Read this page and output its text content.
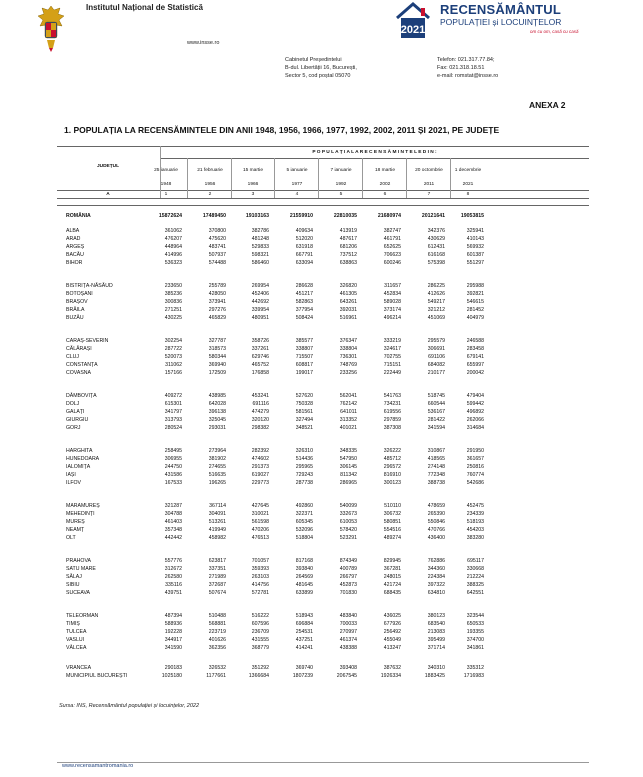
Institutul Național de Statistică
www.insse.ro
2021
RECENSĂMÂNTUL
POPULAȚIEI și LOCUINȚELOR
om cu om, casă cu casă
Cabinetul Președintelui
B-dul. Libertății 16, București,
Sector 5, cod poștal 05070
Telefon: 021.317.77.84;
Fax: 021.318.18.51
e-mail: romstat@insse.ro
ANEXA 2
1. POPULAȚIA LA RECENSĂMINTELE DIN ANII 1948, 1956, 1966, 1977, 1992, 2002, 2011 ȘI 2021, PE JUDEȚE
JUDEȚUL
P O P U L A Ț I A L A R E C E N S Ă M I N T E L E D I N :
25 ianuarie
1948
1
21 februarie
1956
2
15 martie
1966
3
5 ianuarie
1977
4
7 ianuarie
1992
5
18 martie
2002
6
20 octombrie
2011
7
1 decembrie
2021
8
A
ROMÂNIA	15872624	17489450	19103163	21559910	22810035	21680974	20121641	19053815
ALBA	361062	370800	382786	409634	413919	382747	342376	325941
ARAD	476207	475620	481248	512020	487617	461791	430629	410143
ARGEȘ	448964	483741	529833	631918	681206	652625	612431	569932
BACĂU	414996	507937	598321	667791	737512	706623	616168	601387
BIHOR	536323	574488	586460	633094	638863	600246	575398	551297
BISTRIȚA-NĂSĂUD	233650	255789	269954	286628	326820	311657	286225	295988
BOTOȘANI	385236	428050	452406	451217	461305	452834	412626	392821
BRAȘOV	300836	373941	442692	582863	643261	589028	549217	546615
BRĂILA	271251	297276	339954	377954	392031	373174	321212	281452
BUZĂU	430225	465829	480951	508424	516961	496214	451069	404979
CARAȘ-SEVERIN	302254	327787	358726	385577	376347	333219	295579	246588
CĂLĂRAȘI	287722	318573	337261	338807	338804	324617	306691	283458
CLUJ	520073	580344	629746	715507	736301	702755	691106	679141
CONSTANȚA	311062	369940	465752	608817	748769	715151	684082	655997
COVASNA	157166	172509	176858	199017	233256	222449	210177	200042
DÂMBOVIȚA	409272	438985	453241	527620	562041	541763	518745	479404
DOLJ	615301	642028	691116	750328	762142	734231	660544	599442
GALAȚI	341797	396138	474279	581561	641011	619556	536167	496892
GIURGIU	313793	325045	320120	327494	313352	297859	281422	262066
GORJ	280524	293031	298382	348521	401021	387308	341594	314684
HARGHITA	258495	273964	282392	326310	348335	326222	310867	291950
HUNEDOARA	306955	381902	474602	514436	547950	485712	418565	361657
IALOMIȚA	244750	274655	291373	295965	306145	296572	274148	250816
IAȘI	431586	516635	619027	729243	811342	816910	772348	760774
ILFOV	167533	196265	229773	287738	286965	300123	388738	542686
MARAMUREȘ	321287	367114	427645	492860	540099	510110	478659	452475
MEHEDINȚI	304788	304091	310021	322371	332673	306732	265390	234339
MUREȘ	461403	513261	561598	605345	610053	580851	550846	518193
NEAMȚ	357348	419949	470206	532096	578420	554516	470766	454203
OLT	442442	458982	476513	518804	523291	489274	436400	383280
PRAHOVA	557776	623817	701057	817168	874349	829945	762886	695117
SATU MARE	312672	337351	359393	393840	400789	367281	344360	330668
SĂLAJ	262580	271989	263103	264569	266797	248015	224384	212224
SIBIU	335116	372687	414756	481645	452873	421724	397322	388325
SUCEAVA	439751	507674	572781	633899	701830	688435	634810	642551
TELEORMAN	487394	510488	516222	518943	483840	436025	380123	323544
TIMIȘ	588936	568881	607596	696884	700033	677926	683540	650533
TULCEA	192228	223719	236709	254531	270997	256492	213083	193355
VASLUI	344917	401626	431555	437251	461374	455049	395499	374700
VÂLCEA	341590	362356	368779	414241	438388	413247	371714	341861
VRANCEA	290183	326532	351292	369740	393408	387632	340310	335312
MUNICIPIUL BUCUREȘTI	1025180	1177661	1366684	1807239	2067545	1926334	1883425	1716983
Sursa: INS, Recensământul populației și locuințelor, 2022
www.recensamantromania.ro
